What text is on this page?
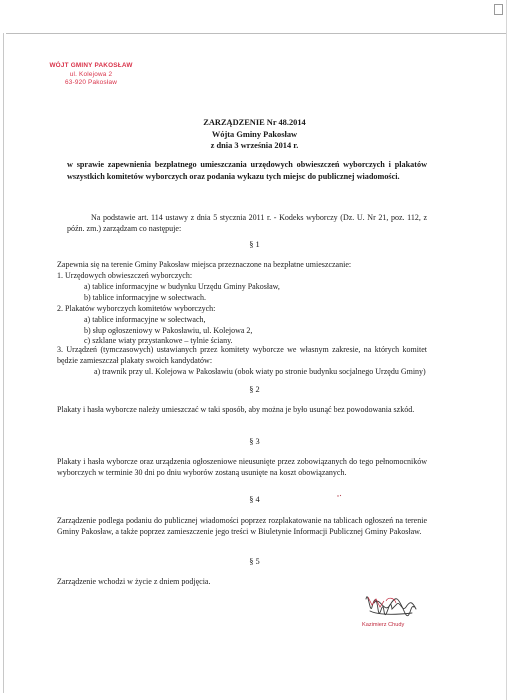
WÓJT GMINY PAKOSŁAW
ul. Kolejowa 2
63-920 Pakosław
ZARZĄDZENIE Nr 48.2014
Wójta Gminy Pakosław
z dnia 3 września 2014 r.
w sprawie zapewnienia bezpłatnego umieszczania urzędowych obwieszczeń wyborczych i plakatów wszystkich komitetów wyborczych oraz podania wykazu tych miejsc do publicznej wiadomości.
Na podstawie art. 114 ustawy z dnia 5 stycznia 2011 r. - Kodeks wyborczy (Dz. U. Nr 21, poz. 112, z późn. zm.) zarządzam co następuje:
§ 1
Zapewnia się na terenie Gminy Pakosław miejsca przeznaczone na bezpłatne umieszczanie:
1. Urzędowych obwieszczeń wyborczych:
a) tablice informacyjne w budynku Urzędu Gminy Pakosław,
b) tablice informacyjne w sołectwach.
2. Plakatów wyborczych komitetów wyborczych:
a) tablice informacyjne w sołectwach,
b) słup ogłoszeniowy w Pakosławiu, ul. Kolejowa 2,
c) szklane wiaty przystankowe – tylnie ściany.
3. Urządzeń (tymczasowych) ustawianych przez komitety wyborcze we własnym zakresie, na których komitet będzie zamieszczał plakaty swoich kandydatów:
a) trawnik przy ul. Kolejowa w Pakosławiu (obok wiaty po stronie budynku socjalnego Urzędu Gminy)
§ 2
Plakaty i hasła wyborcze należy umieszczać w taki sposób, aby można je było usunąć bez powodowania szkód.
§ 3
Plakaty i hasła wyborcze oraz urządzenia ogłoszeniowe nieusunięte przez zobowiązanych do tego pełnomocników wyborczych w terminie 30 dni po dniu wyborów zostaną usunięte na koszt obowiązanych.
§ 4
Zarządzenie podlega podaniu do publicznej wiadomości poprzez rozplakatowanie na tablicach ogłoszeń na terenie Gminy Pakosław, a także poprzez zamieszczenie jego treści w Biuletynie Informacji Publicznej Gminy Pakosław.
§ 5
Zarządzenie wchodzi w życie z dniem podjęcia.
Kazimierz Chudy
